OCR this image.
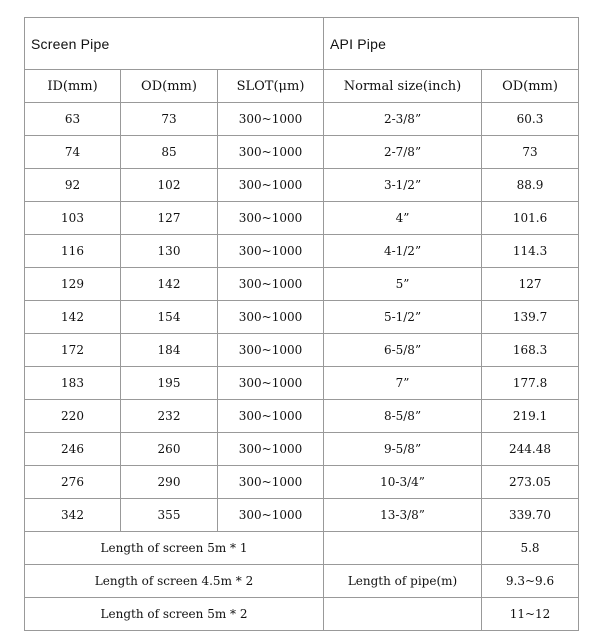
Screen Pipe			API Pipe	
ID(mm)	OD(mm)	SLOT(μm)	Normal size(inch)	OD(mm)
63	73	300~1000	2-3/8”	60.3
74	85	300~1000	2-7/8”	73
92	102	300~1000	3-1/2”	88.9
103	127	300~1000	4”	101.6
116	130	300~1000	4-1/2”	114.3
129	142	300~1000	5”	127
142	154	300~1000	5-1/2”	139.7
172	184	300~1000	6-5/8”	168.3
183	195	300~1000	7”	177.8
220	232	300~1000	8-5/8”	219.1
246	260	300~1000	9-5/8”	244.48
276	290	300~1000	10-3/4”	273.05
342	355	300~1000	13-3/8”	339.70
Length of screen 5m * 1				5.8
Length of screen 4.5m * 2			Length of pipe(m)	9.3~9.6
Length of screen 5m * 2				11~12
